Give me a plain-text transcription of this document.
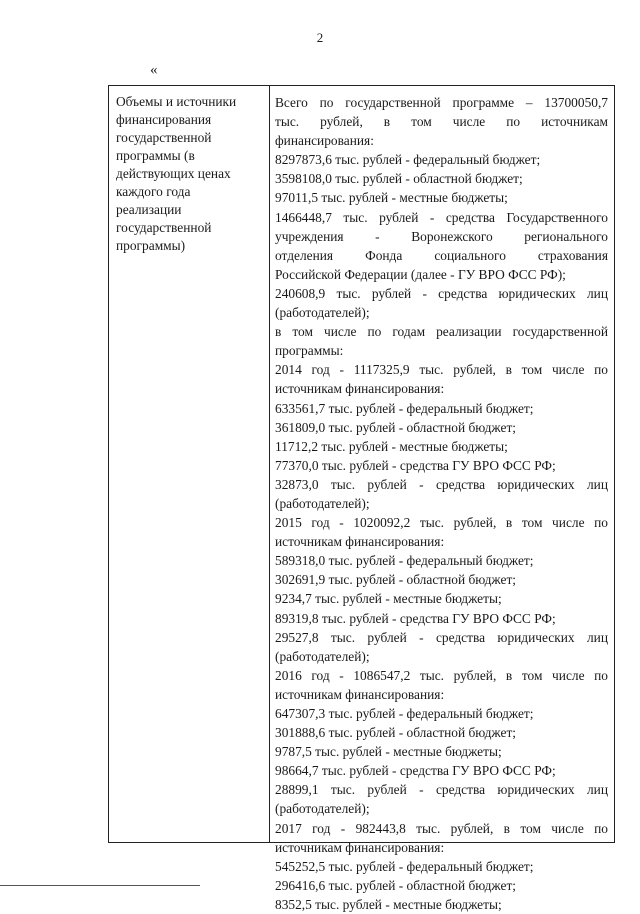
2
«
Объемы и источники
финансирования
государственной
программы (в
действующих ценах
каждого года
реализации
государственной
программы)
Всего по государственной программе – 13700050,7
тыс. рублей, в том числе по источникам
финансирования:
8297873,6 тыс. рублей - федеральный бюджет;
3598108,0 тыс. рублей - областной бюджет;
97011,5 тыс. рублей - местные бюджеты;
1466448,7 тыс. рублей - средства Государственного
учреждения - Воронежского регионального
отделения Фонда социального страхования
Российской Федерации (далее - ГУ ВРО ФСС РФ);
240608,9 тыс. рублей - средства юридических лиц
(работодателей);
в том числе по годам реализации государственной
программы:
2014 год - 1117325,9 тыс. рублей, в том числе по
источникам финансирования:
633561,7 тыс. рублей - федеральный бюджет;
361809,0 тыс. рублей - областной бюджет;
11712,2 тыс. рублей - местные бюджеты;
77370,0 тыс. рублей - средства ГУ ВРО ФСС РФ;
32873,0 тыс. рублей - средства юридических лиц
(работодателей);
2015 год - 1020092,2 тыс. рублей, в том числе по
источникам финансирования:
589318,0 тыс. рублей - федеральный бюджет;
302691,9 тыс. рублей - областной бюджет;
9234,7 тыс. рублей - местные бюджеты;
89319,8 тыс. рублей - средства ГУ ВРО ФСС РФ;
29527,8 тыс. рублей - средства юридических лиц
(работодателей);
2016 год - 1086547,2 тыс. рублей, в том числе по
источникам финансирования:
647307,3 тыс. рублей - федеральный бюджет;
301888,6 тыс. рублей - областной бюджет;
9787,5 тыс. рублей - местные бюджеты;
98664,7 тыс. рублей - средства ГУ ВРО ФСС РФ;
28899,1 тыс. рублей - средства юридических лиц
(работодателей);
2017 год - 982443,8 тыс. рублей, в том числе по
источникам финансирования:
545252,5 тыс. рублей - федеральный бюджет;
296416,6 тыс. рублей - областной бюджет;
8352,5 тыс. рублей - местные бюджеты;
